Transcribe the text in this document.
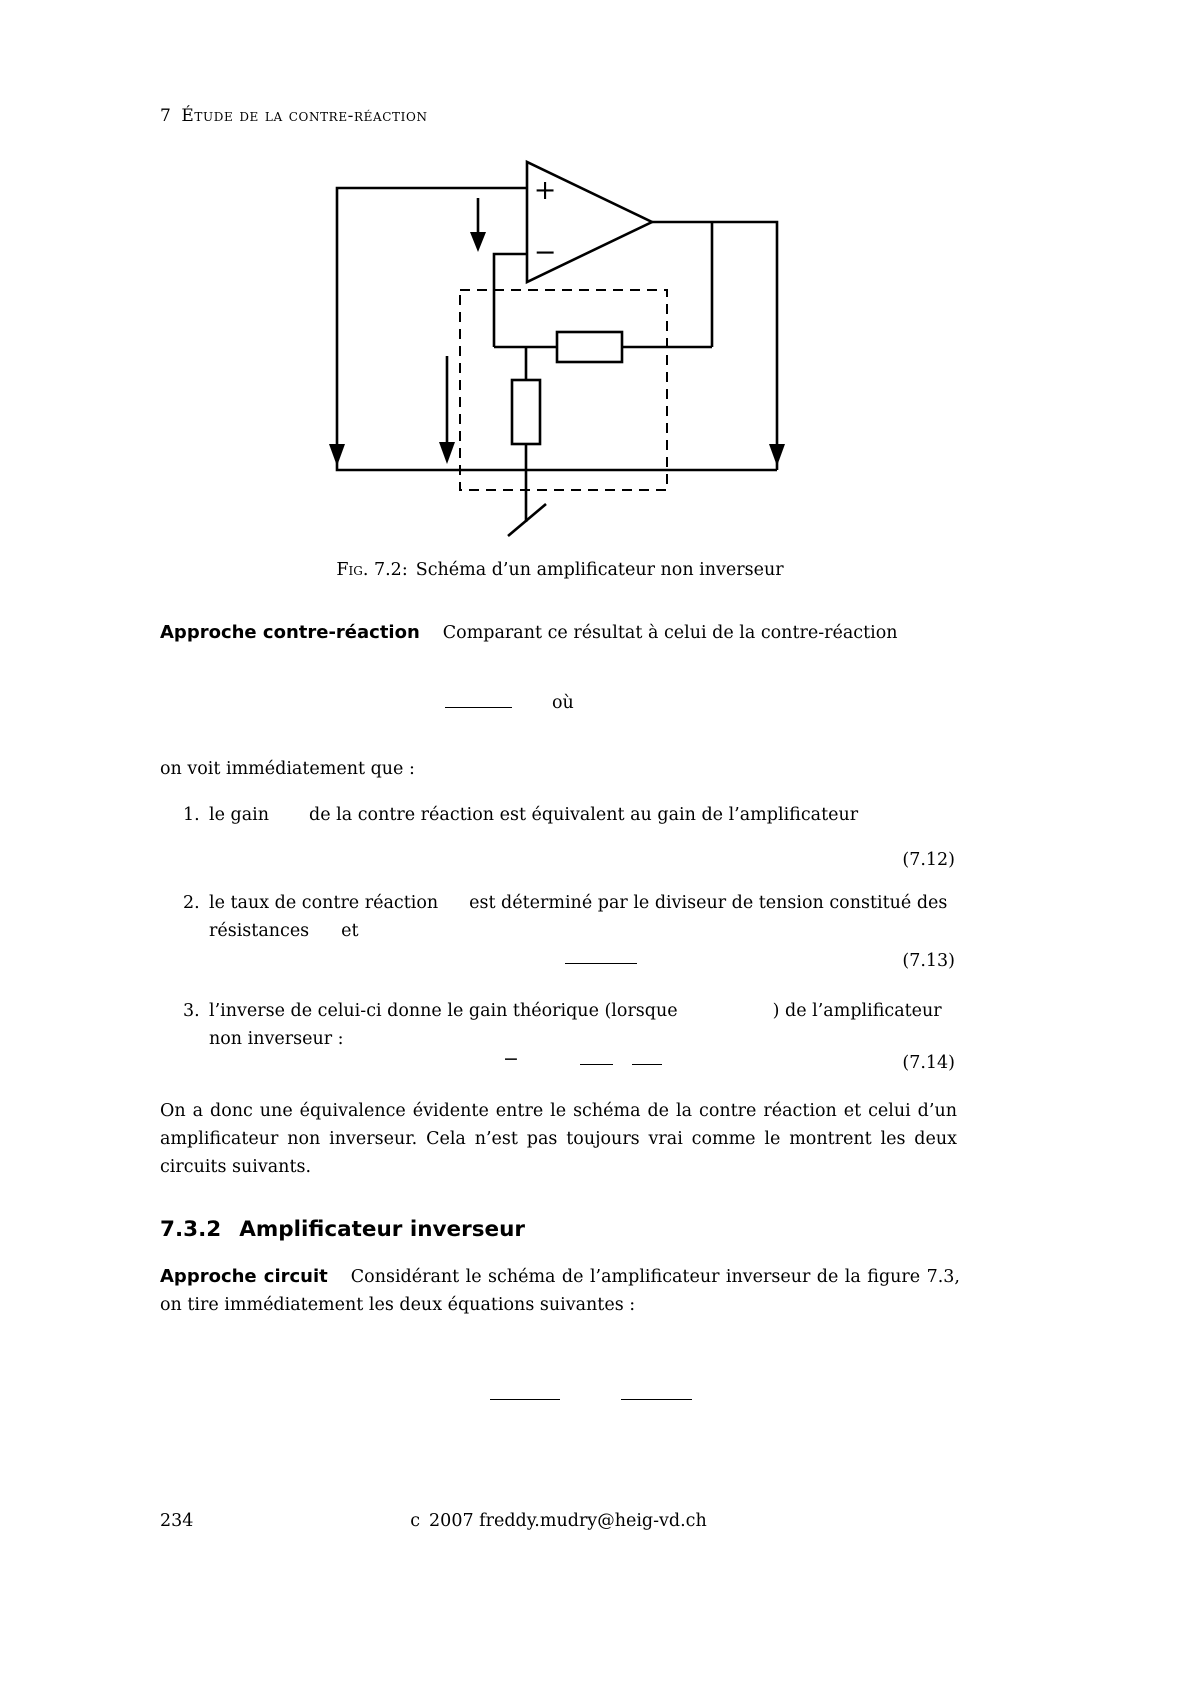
7 Étude de la contre-réaction
+
−
Fig. 7.2: Schéma d’un amplificateur non inverseur
Approche contre-réaction Comparant ce résultat à celui de la contre-réaction
où
on voit immédiatement que :
1. le gain de la contre réaction est équivalent au gain de l’amplificateur
(7.12)
2. le taux de contre réaction est déterminé par le diviseur de tension constitué des
résistances et
(7.13)
3. l’inverse de celui-ci donne le gain théorique (lorsque	) de l’amplificateur
non inverseur :
−	(7.14)
On a donc une équivalence évidente entre le schéma de la contre réaction et celui d’un amplificateur non inverseur. Cela n’est pas toujours vrai comme le montrent les deux circuits suivants.
7.3.2 Amplificateur inverseur
Approche circuit Considérant le schéma de l’amplificateur inverseur de la figure 7.3, on tire immédiatement les deux équations suivantes :
234	c 2007 freddy.mudry@heig-vd.ch
